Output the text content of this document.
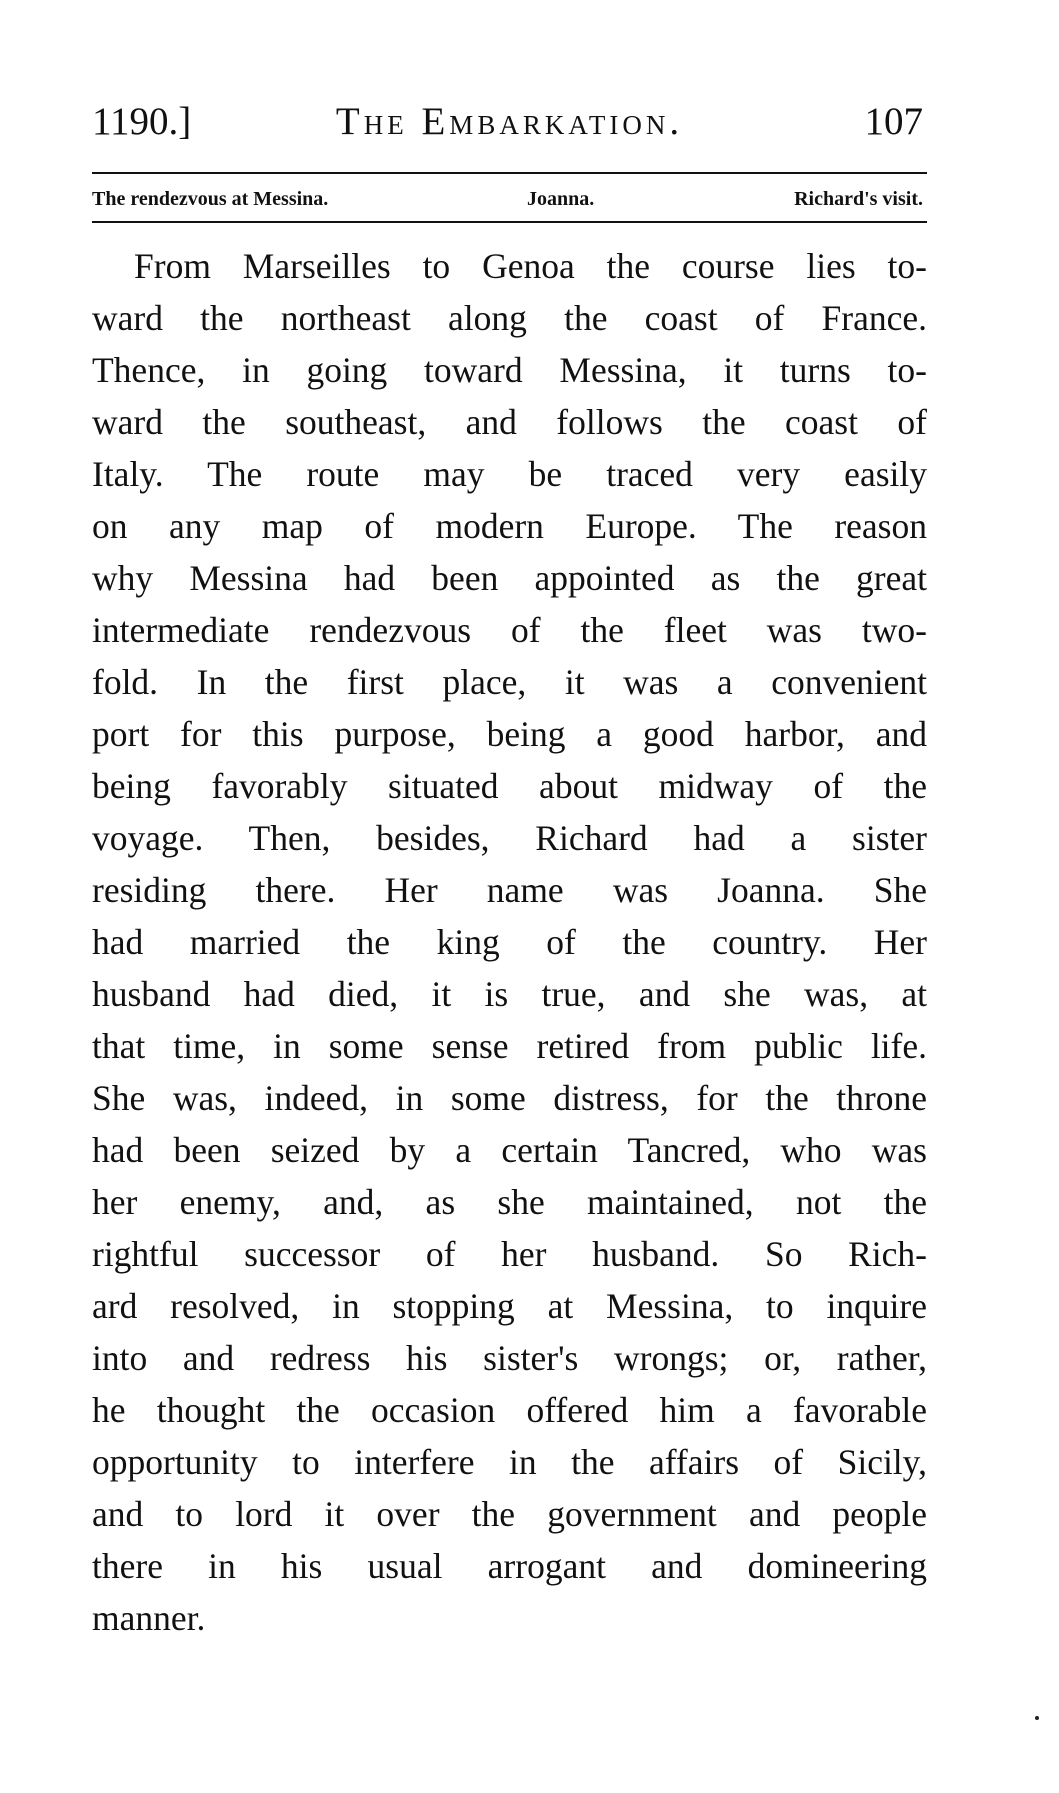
1190.]	The Embarkation.	107
The rendezvous at Messina.	Joanna.	Richard's visit.
From Marseilles to Genoa the course lies to-
ward the northeast along the coast of France.
Thence, in going toward Messina, it turns to-
ward the southeast, and follows the coast of
Italy. The route may be traced very easily
on any map of modern Europe. The reason
why Messina had been appointed as the great
intermediate rendezvous of the fleet was two-
fold. In the first place, it was a convenient
port for this purpose, being a good harbor, and
being favorably situated about midway of the
voyage. Then, besides, Richard had a sister
residing there. Her name was Joanna. She
had married the king of the country. Her
husband had died, it is true, and she was, at
that time, in some sense retired from public life.
She was, indeed, in some distress, for the throne
had been seized by a certain Tancred, who was
her enemy, and, as she maintained, not the
rightful successor of her husband. So Rich-
ard resolved, in stopping at Messina, to inquire
into and redress his sister's wrongs; or, rather,
he thought the occasion offered him a favorable
opportunity to interfere in the affairs of Sicily,
and to lord it over the government and people
there in his usual arrogant and domineering
manner.
